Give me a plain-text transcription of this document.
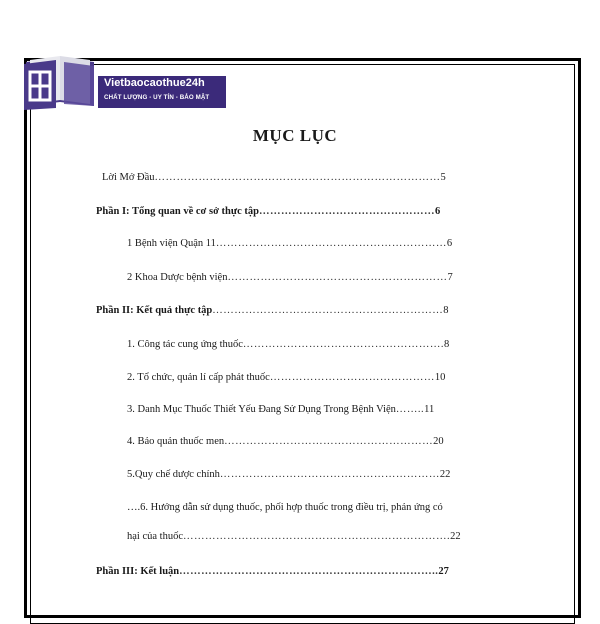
Vietbaocaothue24h
CHẤT LƯỢNG - UY TÍN - BẢO MẬT
MỤC LỤC
Lời Mở Đầu……………………………………………………………………5
Phần I: Tổng quan về cơ sở thực tập…………………………………………6
1 Bệnh viện Quận 11………………………………………………………6
2 Khoa Dược bệnh viện……………………………………………………7
Phần II: Kết quả thực tập………………………………………………………8
1. Công tác cung ứng thuốc……………………………………………….8
2. Tổ chức, quản lí cấp phát thuốc………………………………………10
3. Danh Mục Thuốc Thiết Yếu Đang Sử Dụng Trong Bệnh Viện……..11
4. Bảo quản thuốc men…………………………………………………20
5.Quy chế dược chính……………………………………………………22
….6. Hướng dẫn sử dụng thuốc, phối hợp thuốc trong điều trị, phản ứng có
hại của thuốc……………………………………………………………….22
Phần III: Kết luận……………………………………………………………..27
